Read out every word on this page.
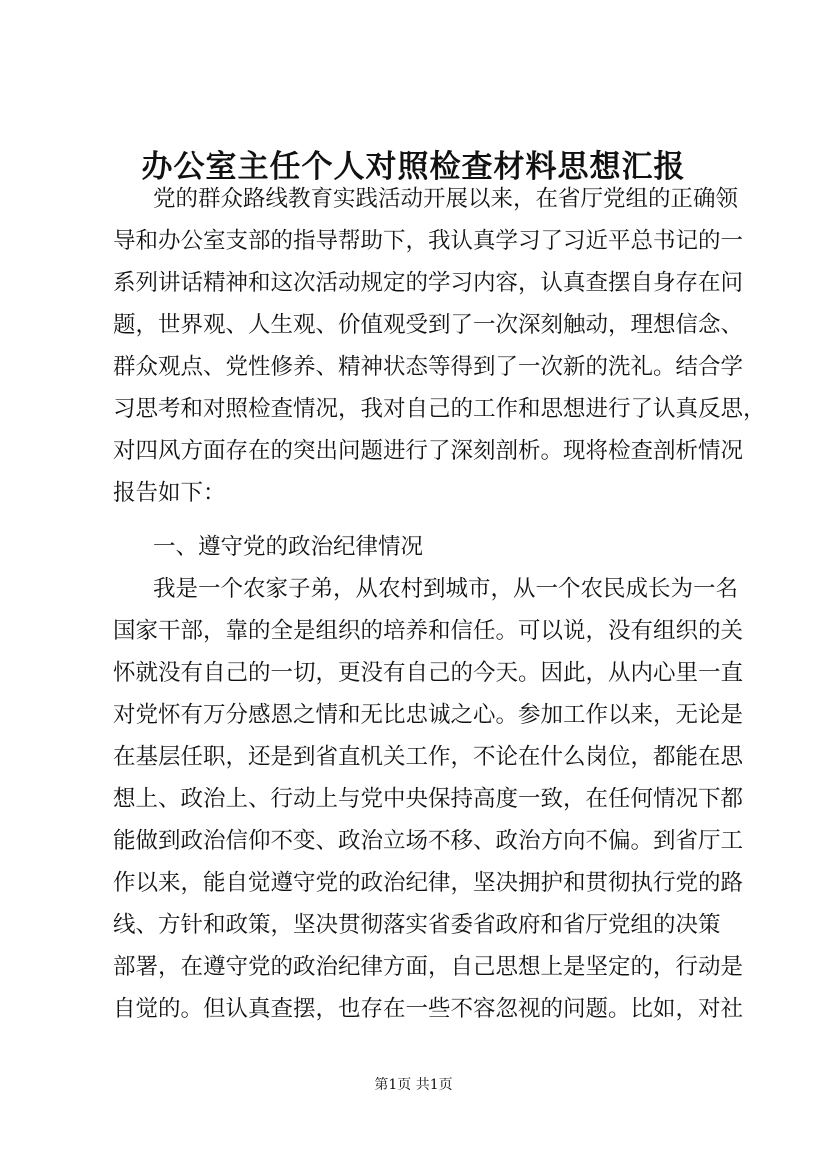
办公室主任个人对照检查材料思想汇报

党的群众路线教育实践活动开展以来，在省厅党组的正确领

导和办公室支部的指导帮助下，我认真学习了习近平总书记的一

系列讲话精神和这次活动规定的学习内容，认真查摆自身存在问

题，世界观、人生观、价值观受到了一次深刻触动，理想信念、

群众观点、党性修养、精神状态等得到了一次新的洗礼。结合学

习思考和对照检查情况，我对自己的工作和思想进行了认真反思，

对四风方面存在的突出问题进行了深刻剖析。现将检查剖析情况

报告如下：

一、遵守党的政治纪律情况

我是一个农家子弟，从农村到城市，从一个农民成长为一名

国家干部，靠的全是组织的培养和信任。可以说，没有组织的关

怀就没有自己的一切，更没有自己的今天。因此，从内心里一直

对党怀有万分感恩之情和无比忠诚之心。参加工作以来，无论是

在基层任职，还是到省直机关工作，不论在什么岗位，都能在思

想上、政治上、行动上与党中央保持高度一致，在任何情况下都

能做到政治信仰不变、政治立场不移、政治方向不偏。到省厅工

作以来，能自觉遵守党的政治纪律，坚决拥护和贯彻执行党的路

线、方针和政策，坚决贯彻落实省委省政府和省厅党组的决策

部署，在遵守党的政治纪律方面，自己思想上是坚定的，行动是

自觉的。但认真查摆，也存在一些不容忽视的问题。比如，对社

第1页 共1页
